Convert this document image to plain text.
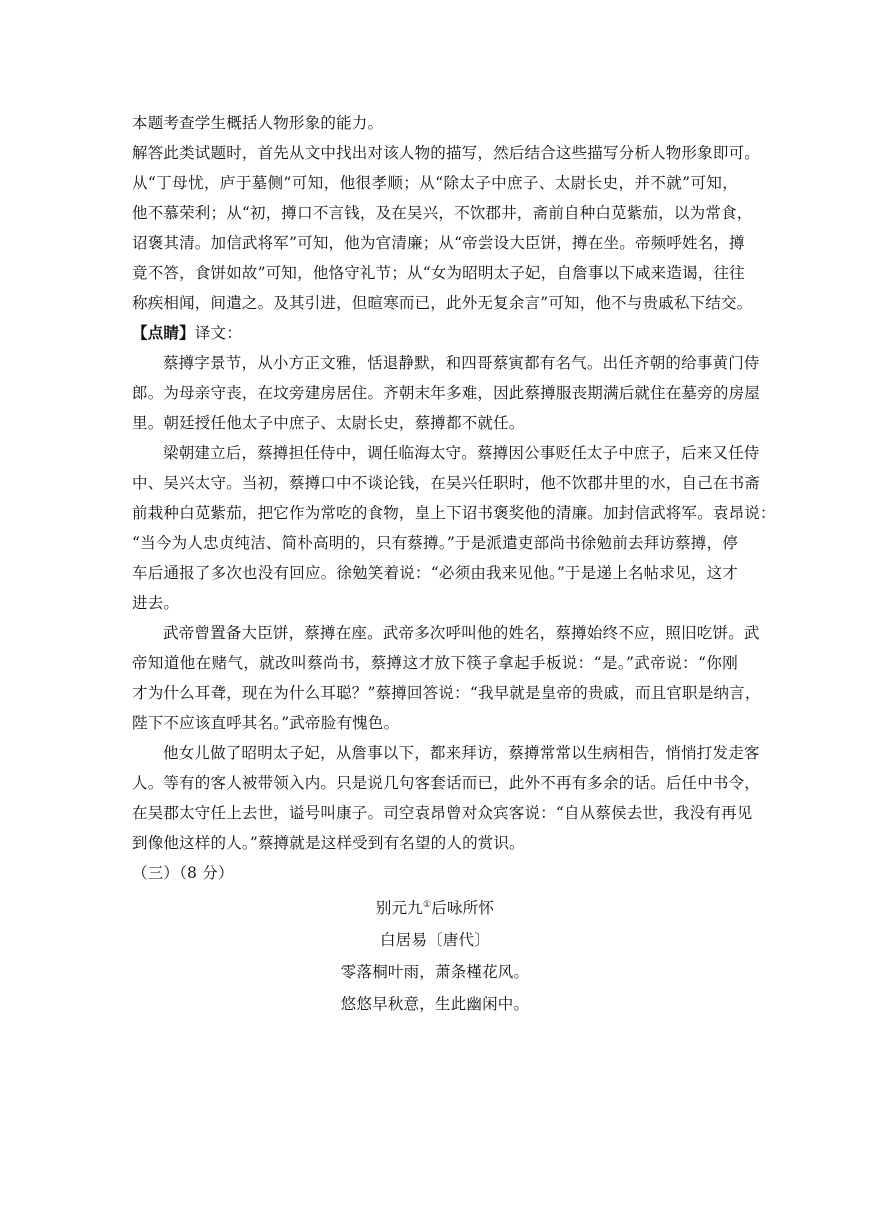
本题考查学生概括人物形象的能力。

解答此类试题时，首先从文中找出对该人物的描写，然后结合这些描写分析人物形象即可。

从“丁母忧，庐于墓侧”可知，他很孝顺；从“除太子中庶子、太尉长史，并不就”可知，

他不慕荣利；从“初，撙口不言钱，及在吴兴，不饮郡井，斋前自种白苋紫茄，以为常食，

诏褒其清。加信武将军”可知，他为官清廉；从“帝尝设大臣饼，撙在坐。帝频呼姓名，撙

竟不答，食饼如故”可知，他恪守礼节；从“女为昭明太子妃，自詹事以下咸来造谒，往往

称疾相闻，间遣之。及其引进，但暄寒而已，此外无复余言”可知，他不与贵戚私下结交。

【点睛】译文：

蔡撙字景节，从小方正文雅，恬退静默，和四哥蔡寅都有名气。出任齐朝的给事黄门侍

郎。为母亲守丧，在坟旁建房居住。齐朝末年多难，因此蔡撙服丧期满后就住在墓旁的房屋

里。朝廷授任他太子中庶子、太尉长史，蔡撙都不就任。

梁朝建立后，蔡撙担任侍中，调任临海太守。蔡撙因公事贬任太子中庶子，后来又任侍

中、吴兴太守。当初，蔡撙口中不谈论钱，在吴兴任职时，他不饮郡井里的水，自己在书斋

前栽种白苋紫茄，把它作为常吃的食物，皇上下诏书褒奖他的清廉。加封信武将军。袁昂说：

“当今为人忠贞纯洁、简朴高明的，只有蔡撙。”于是派遣吏部尚书徐勉前去拜访蔡撙，停

车后通报了多次也没有回应。徐勉笑着说：“必须由我来见他。”于是递上名帖求见，这才

进去。

武帝曾置备大臣饼，蔡撙在座。武帝多次呼叫他的姓名，蔡撙始终不应，照旧吃饼。武

帝知道他在赌气，就改叫蔡尚书，蔡撙这才放下筷子拿起手板说：“是。”武帝说：“你刚

才为什么耳聋，现在为什么耳聪？”蔡撙回答说：“我早就是皇帝的贵戚，而且官职是纳言，

陛下不应该直呼其名。”武帝脸有愧色。

他女儿做了昭明太子妃，从詹事以下，都来拜访，蔡撙常常以生病相告，悄悄打发走客

人。等有的客人被带领入内。只是说几句客套话而已，此外不再有多余的话。后任中书令，

在吴郡太守任上去世，谥号叫康子。司空袁昂曾对众宾客说：“自从蔡侯去世，我没有再见

到像他这样的人。”蔡撙就是这样受到有名望的人的赏识。

（三）（8 分）

别元九①后咏所怀

白居易〔唐代〕

零落桐叶雨，萧条槿花风。

悠悠早秋意，生此幽闲中。
